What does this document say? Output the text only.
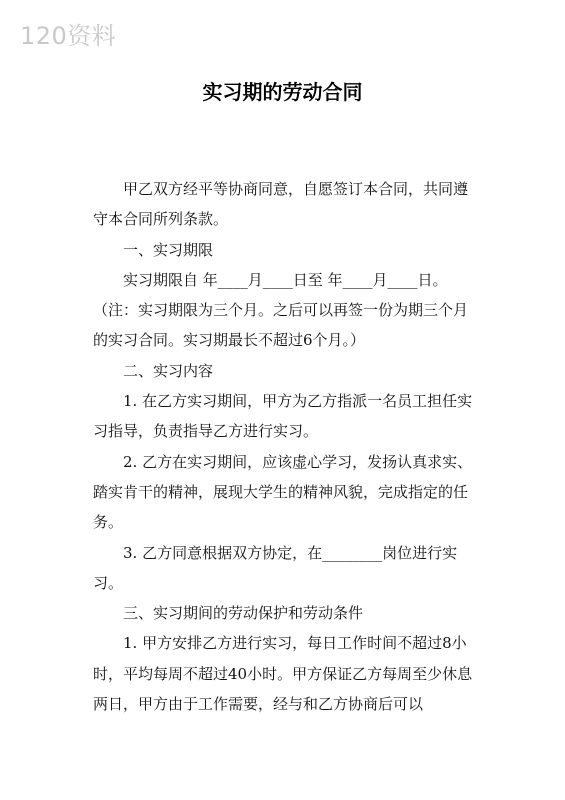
120资料
实习期的劳动合同

甲乙双方经平等协商同意，自愿签订本合同，共同遵守本合同所列条款。

一、实习期限

实习期限自 年____月____日至 年____月____日。

（注：实习期限为三个月。之后可以再签一份为期三个月的实习合同。实习期最长不超过6个月。）

二、实习内容

1. 在乙方实习期间，甲方为乙方指派一名员工担任实习指导，负责指导乙方进行实习。

2. 乙方在实习期间，应该虚心学习，发扬认真求实、踏实肯干的精神，展现大学生的精神风貌，完成指定的任务。

3. 乙方同意根据双方协定，在________岗位进行实习。

三、实习期间的劳动保护和劳动条件

1. 甲方安排乙方进行实习，每日工作时间不超过8小时，平均每周不超过40小时。甲方保证乙方每周至少休息两日，甲方由于工作需要，经与和乙方协商后可以
